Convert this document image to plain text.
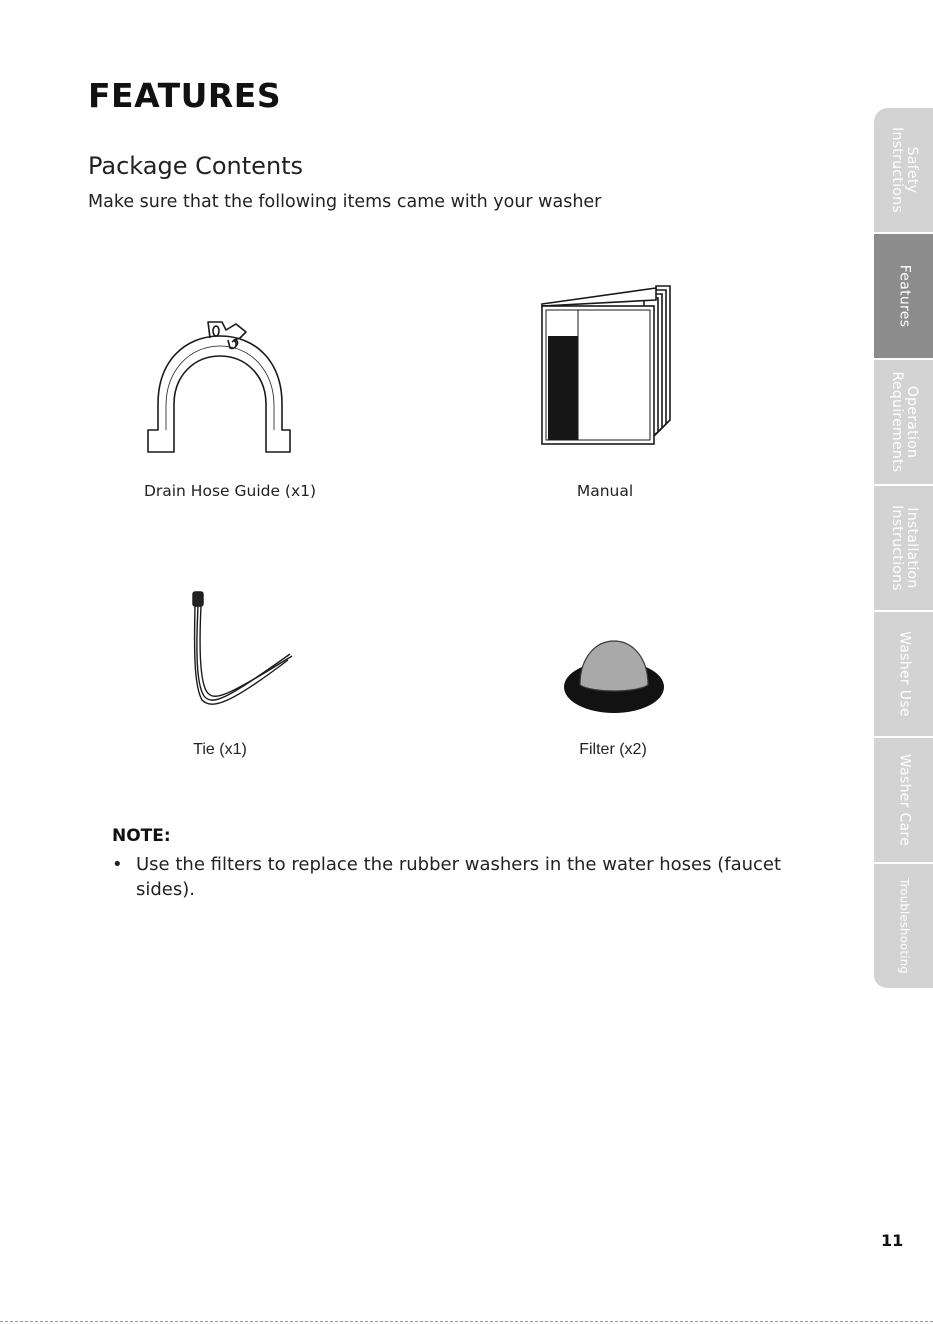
FEATURES
Package Contents

Make sure that the following items came with your washer

Drain Hose Guide (x1)	Manual
Tie (x1)	Filter (x2)
NOTE:
• Use the filters to replace the rubber washers in the water hoses (faucet sides).
Safety
Instructions
Features
Operation
Requirements
Installation
Instructions
Washer Use
Washer Care
Troubleshooting
11
